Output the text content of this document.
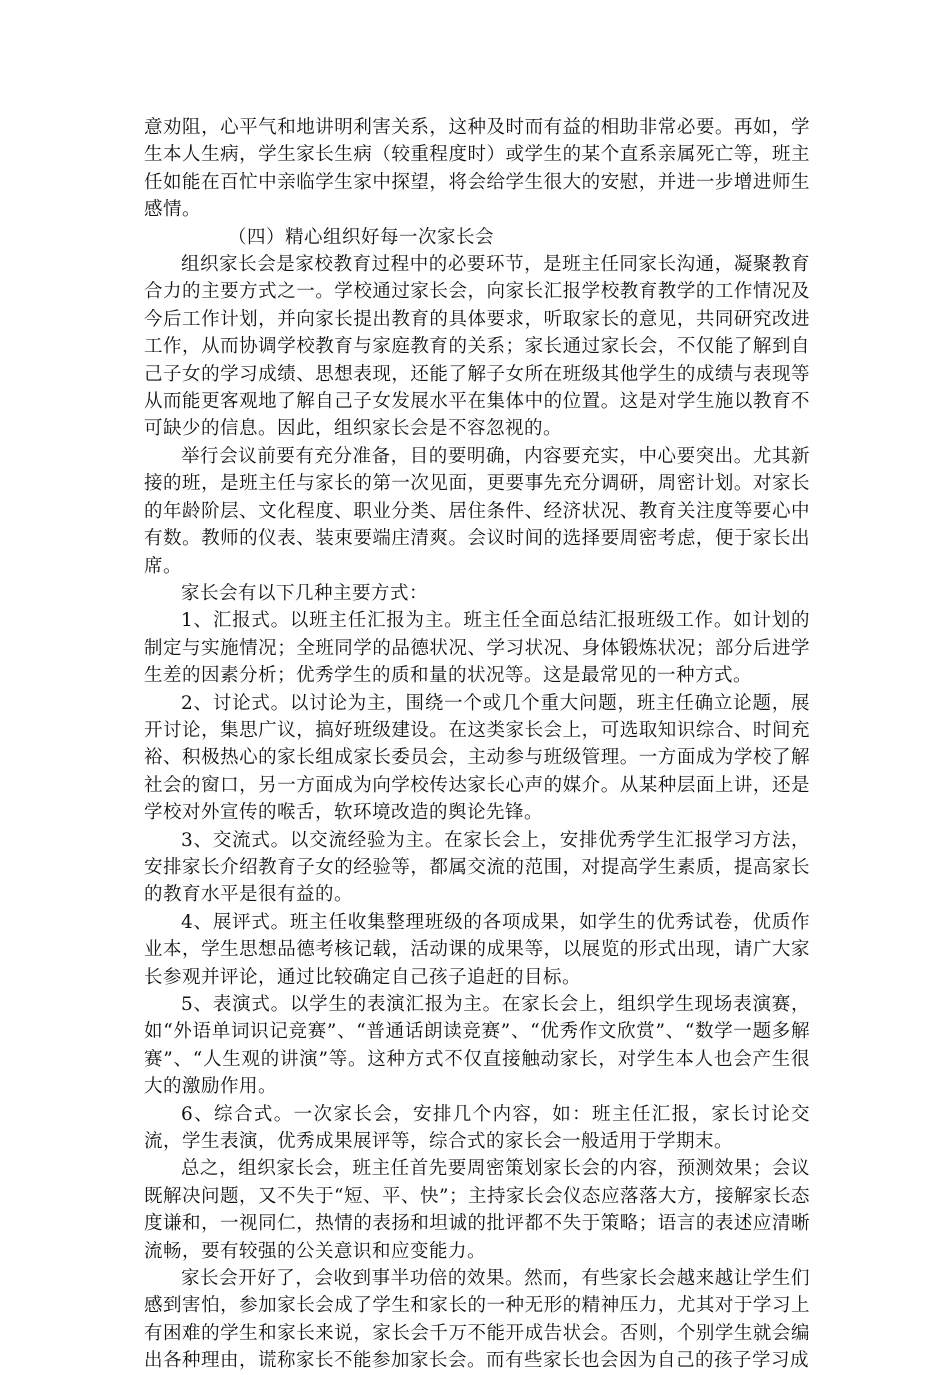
意劝阻，心平气和地讲明利害关系，这种及时而有益的相助非常必要。再如，学生本人生病，学生家长生病（较重程度时）或学生的某个直系亲属死亡等，班主任如能在百忙中亲临学生家中探望，将会给学生很大的安慰，并进一步增进师生感情。

（四）精心组织好每一次家长会

组织家长会是家校教育过程中的必要环节，是班主任同家长沟通，凝聚教育合力的主要方式之一。学校通过家长会，向家长汇报学校教育教学的工作情况及今后工作计划，并向家长提出教育的具体要求，听取家长的意见，共同研究改进工作，从而协调学校教育与家庭教育的关系；家长通过家长会，不仅能了解到自己子女的学习成绩、思想表现，还能了解子女所在班级其他学生的成绩与表现等从而能更客观地了解自己子女发展水平在集体中的位置。这是对学生施以教育不可缺少的信息。因此，组织家长会是不容忽视的。

举行会议前要有充分准备，目的要明确，内容要充实，中心要突出。尤其新接的班，是班主任与家长的第一次见面，更要事先充分调研，周密计划。对家长的年龄阶层、文化程度、职业分类、居住条件、经济状况、教育关注度等要心中有数。教师的仪表、装束要端庄清爽。会议时间的选择要周密考虑，便于家长出席。

家长会有以下几种主要方式：

1、汇报式。以班主任汇报为主。班主任全面总结汇报班级工作。如计划的制定与实施情况；全班同学的品德状况、学习状况、身体锻炼状况；部分后进学生差的因素分析；优秀学生的质和量的状况等。这是最常见的一种方式。

2、讨论式。以讨论为主，围绕一个或几个重大问题，班主任确立论题，展开讨论，集思广议，搞好班级建设。在这类家长会上，可选取知识综合、时间充裕、积极热心的家长组成家长委员会，主动参与班级管理。一方面成为学校了解社会的窗口，另一方面成为向学校传达家长心声的媒介。从某种层面上讲，还是学校对外宣传的喉舌，软环境改造的舆论先锋。

3、交流式。以交流经验为主。在家长会上，安排优秀学生汇报学习方法，安排家长介绍教育子女的经验等，都属交流的范围，对提高学生素质，提高家长的教育水平是很有益的。

4、展评式。班主任收集整理班级的各项成果，如学生的优秀试卷，优质作业本，学生思想品德考核记载，活动课的成果等，以展览的形式出现，请广大家长参观并评论，通过比较确定自己孩子追赶的目标。

5、表演式。以学生的表演汇报为主。在家长会上，组织学生现场表演赛，如“外语单词识记竞赛”、“普通话朗读竞赛”、“优秀作文欣赏”、“数学一题多解赛”、“人生观的讲演”等。这种方式不仅直接触动家长，对学生本人也会产生很大的激励作用。

6、综合式。一次家长会，安排几个内容，如：班主任汇报，家长讨论交流，学生表演，优秀成果展评等，综合式的家长会一般适用于学期末。

总之，组织家长会，班主任首先要周密策划家长会的内容，预测效果；会议既解决问题，又不失于“短、平、快”；主持家长会仪态应落落大方，接解家长态度谦和，一视同仁，热情的表扬和坦诚的批评都不失于策略；语言的表述应清晰流畅，要有较强的公关意识和应变能力。

家长会开好了，会收到事半功倍的效果。然而，有些家长会越来越让学生们感到害怕，参加家长会成了学生和家长的一种无形的精神压力，尤其对于学习上有困难的学生和家长来说，家长会千万不能开成告状会。否则，个别学生就会编出各种理由，谎称家长不能参加家长会。而有些家长也会因为自己的孩子学习成
